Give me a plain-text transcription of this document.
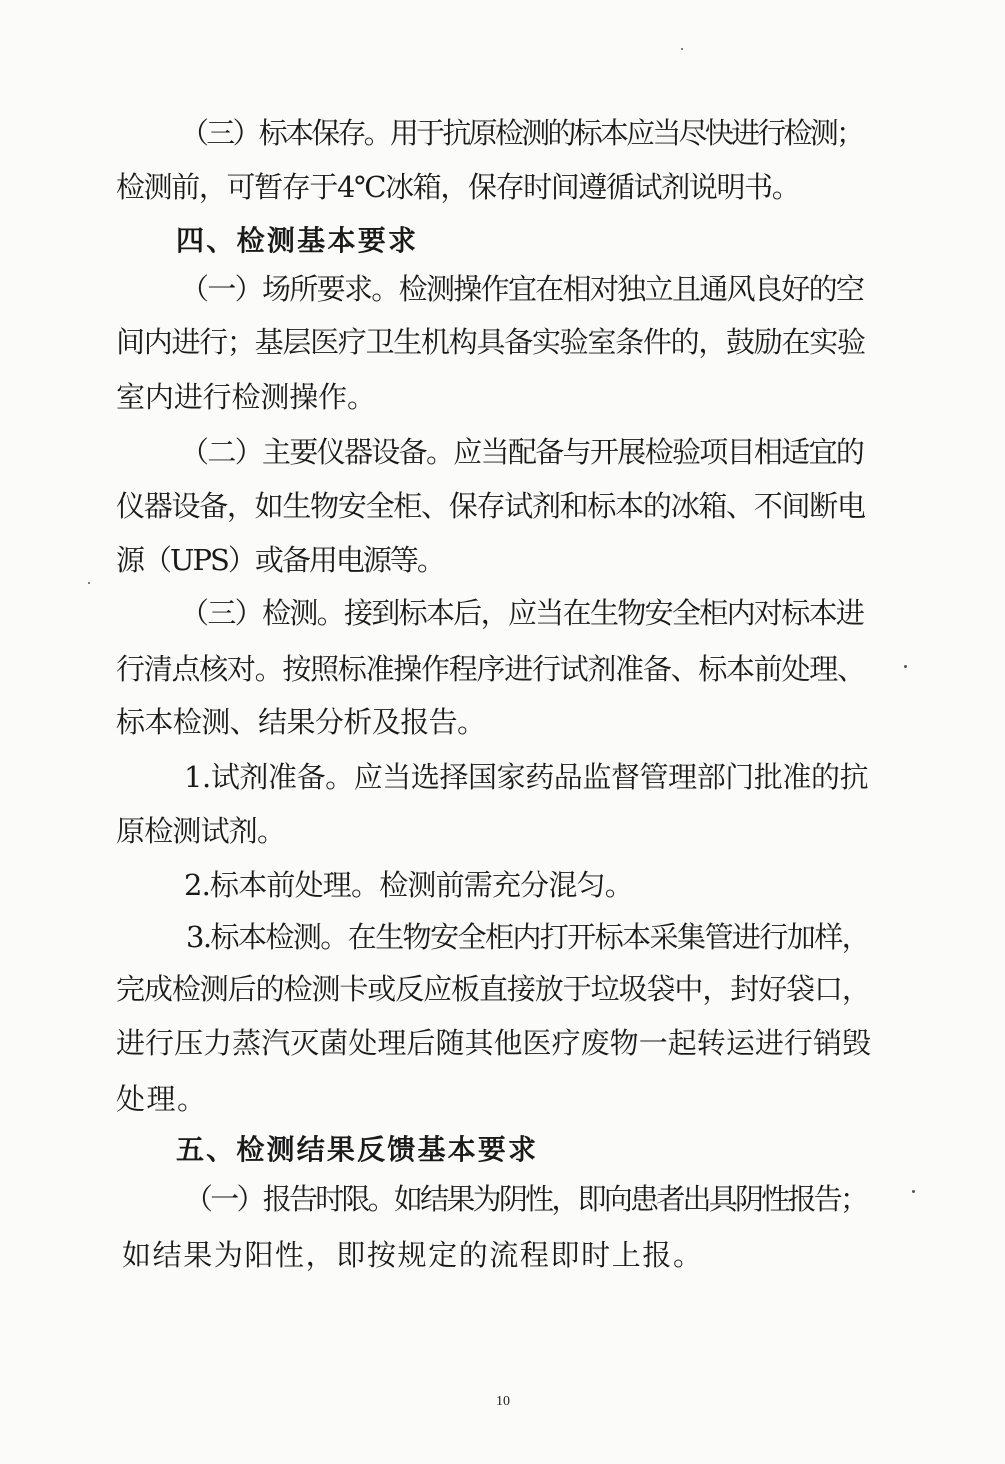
（三）标本保存。用于抗原检测的标本应当尽快进行检测；
检测前，可暂存于4℃冰箱，保存时间遵循试剂说明书。
四、检测基本要求
（一）场所要求。检测操作宜在相对独立且通风良好的空
间内进行；基层医疗卫生机构具备实验室条件的，鼓励在实验
室内进行检测操作。
（二）主要仪器设备。应当配备与开展检验项目相适宜的
仪器设备，如生物安全柜、保存试剂和标本的冰箱、不间断电
源（UPS）或备用电源等。
（三）检测。接到标本后，应当在生物安全柜内对标本进
行清点核对。按照标准操作程序进行试剂准备、标本前处理、
标本检测、结果分析及报告。
1.试剂准备。应当选择国家药品监督管理部门批准的抗
原检测试剂。
2.标本前处理。检测前需充分混匀。
3.标本检测。在生物安全柜内打开标本采集管进行加样，
完成检测后的检测卡或反应板直接放于垃圾袋中，封好袋口，
进行压力蒸汽灭菌处理后随其他医疗废物一起转运进行销毁
处理。
五、检测结果反馈基本要求
（一）报告时限。如结果为阴性，即向患者出具阴性报告；
如结果为阳性，即按规定的流程即时上报。
10
